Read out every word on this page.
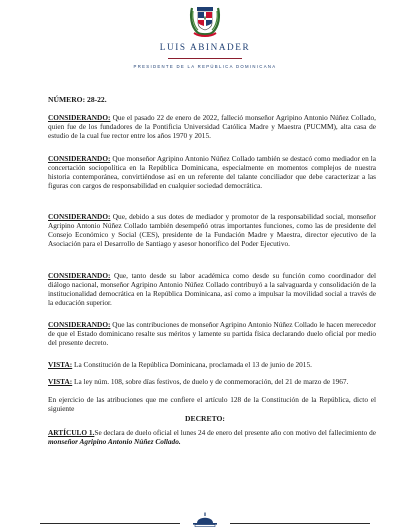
LUIS ABINADER
PRESIDENTE DE LA REPÚBLICA DOMINICANA

NÚMERO: 28-22.

CONSIDERANDO: Que el pasado 22 de enero de 2022, falleció monseñor Agripino Antonio Núñez Collado, quien fue de los fundadores de la Pontificia Universidad Católica Madre y Maestra (PUCMM), alta casa de estudio de la cual fue rector entre los años 1970 y 2015.

CONSIDERANDO: Que monseñor Agripino Antonio Núñez Collado también se destacó como mediador en la concertación sociopolítica en la República Dominicana, especialmente en momentos complejos de nuestra historia contemporánea, convirtiéndose así en un referente del talante conciliador que debe caracterizar a las figuras con cargos de responsabilidad en cualquier sociedad democrática.

CONSIDERANDO: Que, debido a sus dotes de mediador y promotor de la responsabilidad social, monseñor Agripino Antonio Núñez Collado también desempeñó otras importantes funciones, como las de presidente del Consejo Económico y Social (CES), presidente de la Fundación Madre y Maestra, director ejecutivo de la Asociación para el Desarrollo de Santiago y asesor honorífico del Poder Ejecutivo.

CONSIDERANDO: Que, tanto desde su labor académica como desde su función como coordinador del diálogo nacional, monseñor Agripino Antonio Núñez Collado contribuyó a la salvaguarda y consolidación de la institucionalidad democrática en la República Dominicana, así como a impulsar la movilidad social a través de la educación superior.

CONSIDERANDO: Que las contribuciones de monseñor Agripino Antonio Núñez Collado le hacen merecedor de que el Estado dominicano resalte sus méritos y lamente su partida física declarando duelo oficial por medio del presente decreto.

VISTA: La Constitución de la República Dominicana, proclamada el 13 de junio de 2015.

VISTA: La ley núm. 108, sobre días festivos, de duelo y de conmemoración, del 21 de marzo de 1967.

En ejercicio de las atribuciones que me confiere el artículo 128 de la Constitución de la República, dicto el siguiente

DECRETO:

ARTÍCULO 1.Se declara de duelo oficial el lunes 24 de enero del presente año con motivo del fallecimiento de monseñor Agripino Antonio Núñez Collado.
